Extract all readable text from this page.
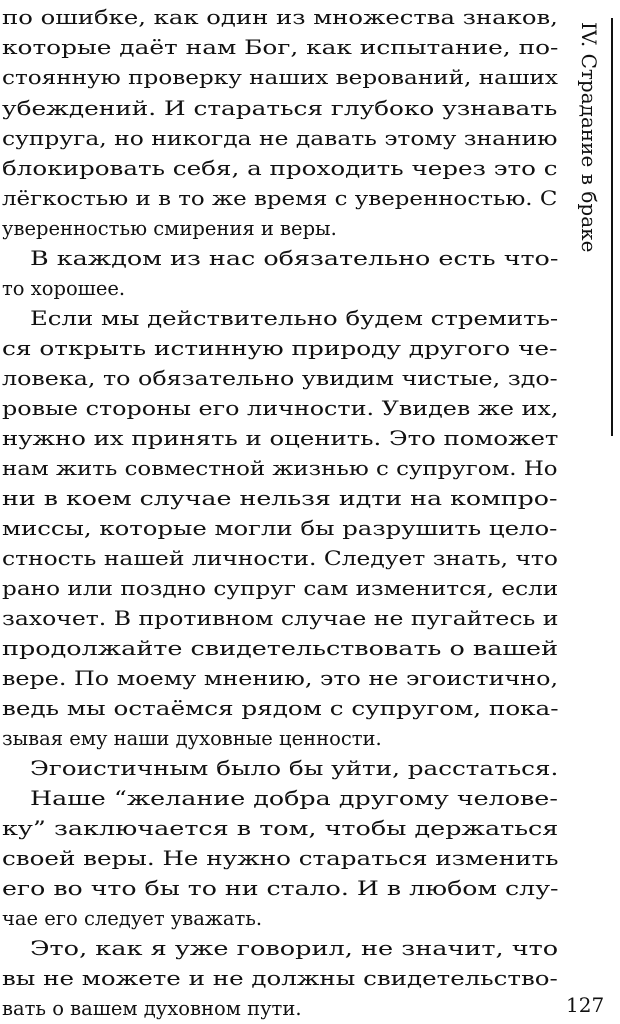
по ошибке, как один из множества знаков,
которые даёт нам Бог, как испытание, по-
стоянную проверку наших верований, наших
убеждений. И стараться глубоко узнавать
супруга, но никогда не давать этому знанию
блокировать себя, а проходить через это с
лёгкостью и в то же время с уверенностью. С
уверенностью смирения и веры.
В каждом из нас обязательно есть что-
то хорошее.
Если мы действительно будем стремить-
ся открыть истинную природу другого че-
ловека, то обязательно увидим чистые, здо-
ровые стороны его личности. Увидев же их,
нужно их принять и оценить. Это поможет
нам жить совместной жизнью с супругом. Но
ни в коем случае нельзя идти на компро-
миссы, которые могли бы разрушить цело-
стность нашей личности. Следует знать, что
рано или поздно супруг сам изменится, если
захочет. В противном случае не пугайтесь и
продолжайте свидетельствовать о вашей
вере. По моему мнению, это не эгоистично,
ведь мы остаёмся рядом с супругом, пока-
зывая ему наши духовные ценности.
Эгоистичным было бы уйти, расстаться.
Наше “желание добра другому челове-
ку” заключается в том, чтобы держаться
своей веры. Не нужно стараться изменить
его во что бы то ни стало. И в любом слу-
чае его следует уважать.
Это, как я уже говорил, не значит, что
вы не можете и не должны свидетельство-
вать о вашем духовном пути.
IV. Страдание в браке
127
